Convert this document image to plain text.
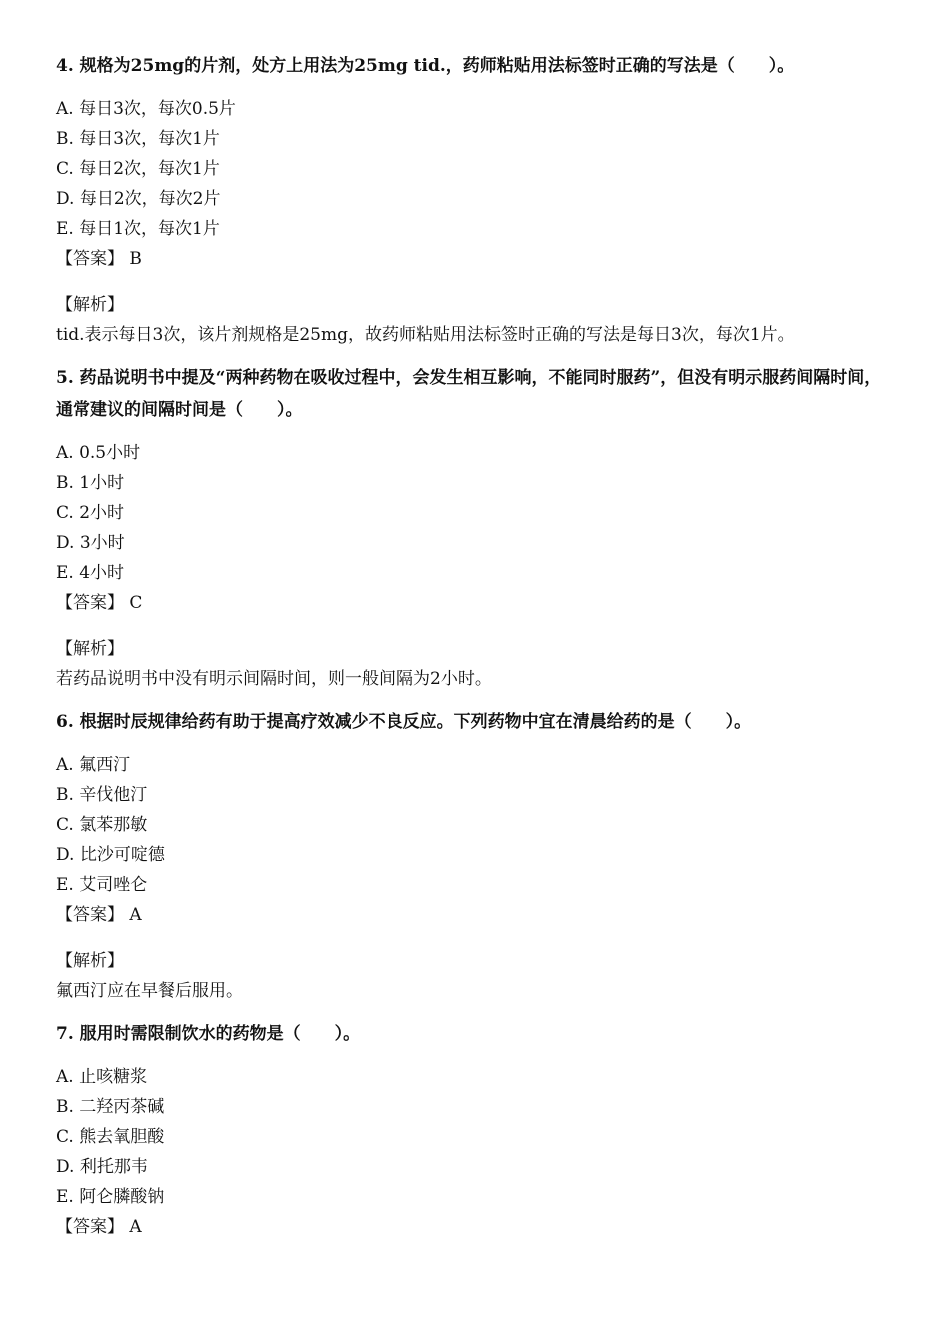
4. 规格为25mg的片剂，处方上用法为25mg tid.，药师粘贴用法标签时正确的写法是（　　）。
A. 每日3次，每次0.5片
B. 每日3次，每次1片
C. 每日2次，每次1片
D. 每日2次，每次2片
E. 每日1次，每次1片
【答案】 B
【解析】
tid.表示每日3次，该片剂规格是25mg，故药师粘贴用法标签时正确的写法是每日3次，每次1片。
5. 药品说明书中提及“两种药物在吸收过程中，会发生相互影响，不能同时服药”，但没有明示服药间隔时间，通常建议的间隔时间是（　　）。
A. 0.5小时
B. 1小时
C. 2小时
D. 3小时
E. 4小时
【答案】 C
【解析】
若药品说明书中没有明示间隔时间，则一般间隔为2小时。
6. 根据时辰规律给药有助于提高疗效减少不良反应。下列药物中宜在清晨给药的是（　　）。
A. 氟西汀
B. 辛伐他汀
C. 氯苯那敏
D. 比沙可啶德
E. 艾司唑仑
【答案】 A
【解析】
氟西汀应在早餐后服用。
7. 服用时需限制饮水的药物是（　　）。
A. 止咳糖浆
B. 二羟丙茶碱
C. 熊去氧胆酸
D. 利托那韦
E. 阿仑膦酸钠
【答案】 A
